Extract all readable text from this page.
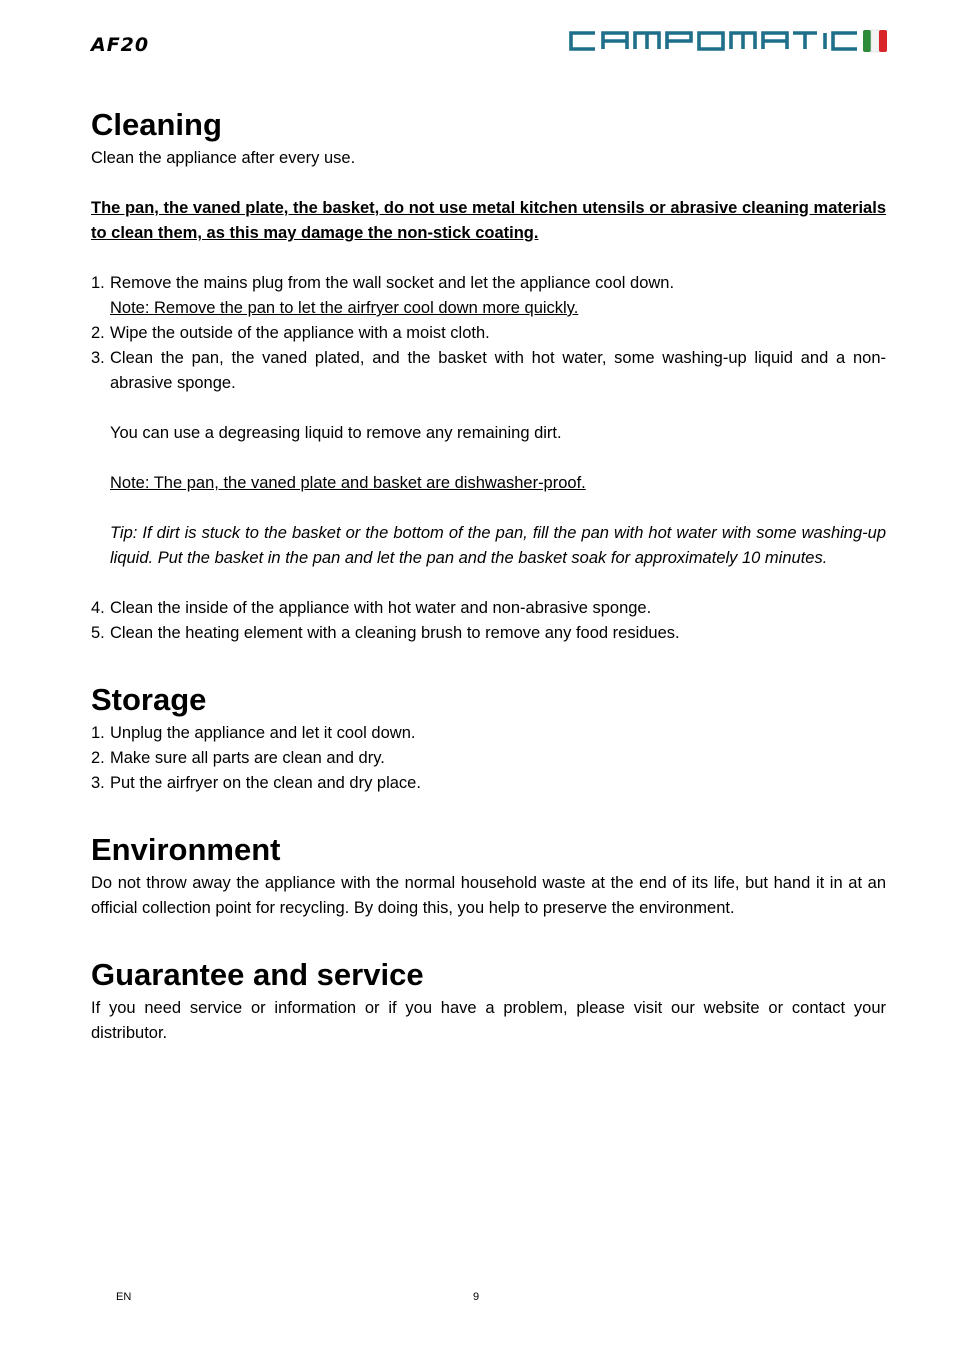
AF20
Cleaning

Clean the appliance after every use.

The pan, the vaned plate, the basket, do not use metal kitchen utensils or abrasive cleaning materials to clean them, as this may damage the non-stick coating.

1. Remove the mains plug from the wall socket and let the appliance cool down.

Note: Remove the pan to let the airfryer cool down more quickly.

2. Wipe the outside of the appliance with a moist cloth.
3. Clean the pan, the vaned plated, and the basket with hot water, some washing-up liquid and a non-abrasive sponge.

You can use a degreasing liquid to remove any remaining dirt.

Note: The pan, the vaned plate and basket are dishwasher-proof.

Tip: If dirt is stuck to the basket or the bottom of the pan, fill the pan with hot water with some washing-up liquid. Put the basket in the pan and let the pan and the basket soak for approximately 10 minutes.

4. Clean the inside of the appliance with hot water and non-abrasive sponge.
5. Clean the heating element with a cleaning brush to remove any food residues.
Storage
1. Unplug the appliance and let it cool down.
2. Make sure all parts are clean and dry.
3. Put the airfryer on the clean and dry place.
Environment

Do not throw away the appliance with the normal household waste at the end of its life, but hand it in at an official collection point for recycling. By doing this, you help to preserve the environment.

Guarantee and service

If you need service or information or if you have a problem, please visit our website or contact your distributor.

EN	9
